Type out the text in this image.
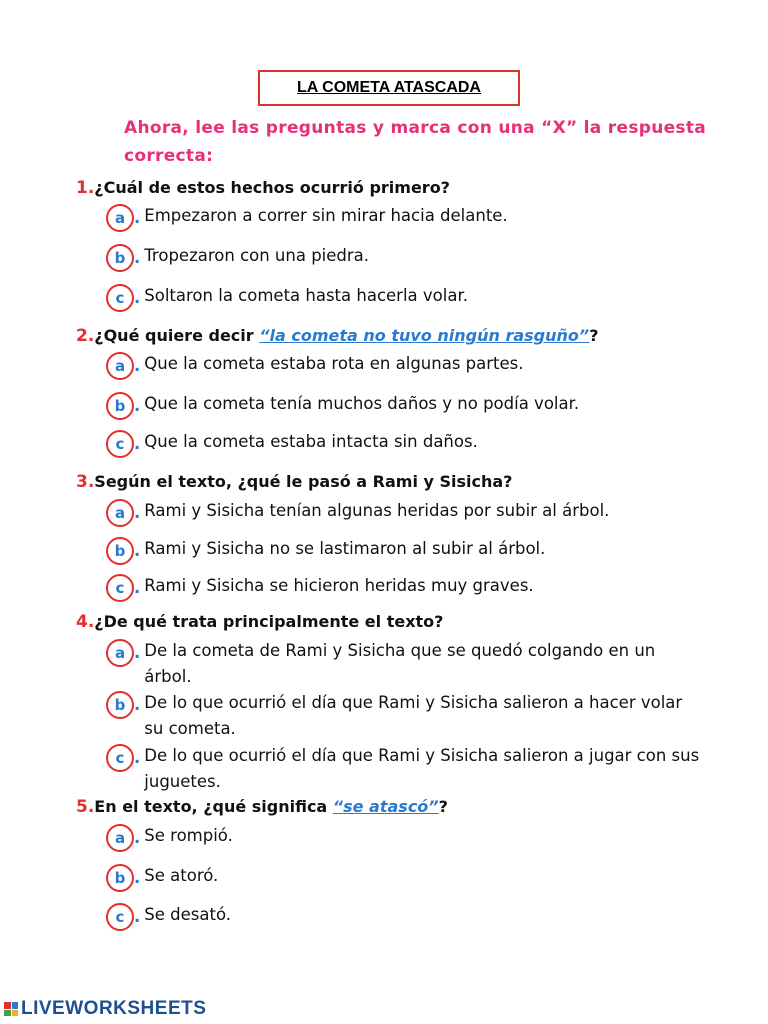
LA COMETA ATASCADA
Ahora, lee las preguntas y marca con una “X” la respuesta correcta:
1.¿Cuál de estos hechos ocurrió primero?
a . Empezaron a correr sin mirar hacia delante.
b . Tropezaron con una piedra.
c . Soltaron la cometa hasta hacerla volar.
2.¿Qué quiere decir “la cometa no tuvo ningún rasguño”?
a . Que la cometa estaba rota en algunas partes.
b . Que la cometa tenía muchos daños y no podía volar.
c . Que la cometa estaba intacta sin daños.
3.Según el texto, ¿qué le pasó a Rami y Sisicha?
a . Rami y Sisicha tenían algunas heridas por subir al árbol.
b . Rami y Sisicha no se lastimaron al subir al árbol.
c . Rami y Sisicha se hicieron heridas muy graves.
4.¿De qué trata principalmente el texto?
a . De la cometa de Rami y Sisicha que se quedó colgando en un árbol.
b . De lo que ocurrió el día que Rami y Sisicha salieron a hacer volar su cometa.
c . De lo que ocurrió el día que Rami y Sisicha salieron a jugar con sus juguetes.
5.En el texto, ¿qué significa “se atascó”?
a . Se rompió.
b . Se atoró.
c . Se desató.
LIVEWORKSHEETS
